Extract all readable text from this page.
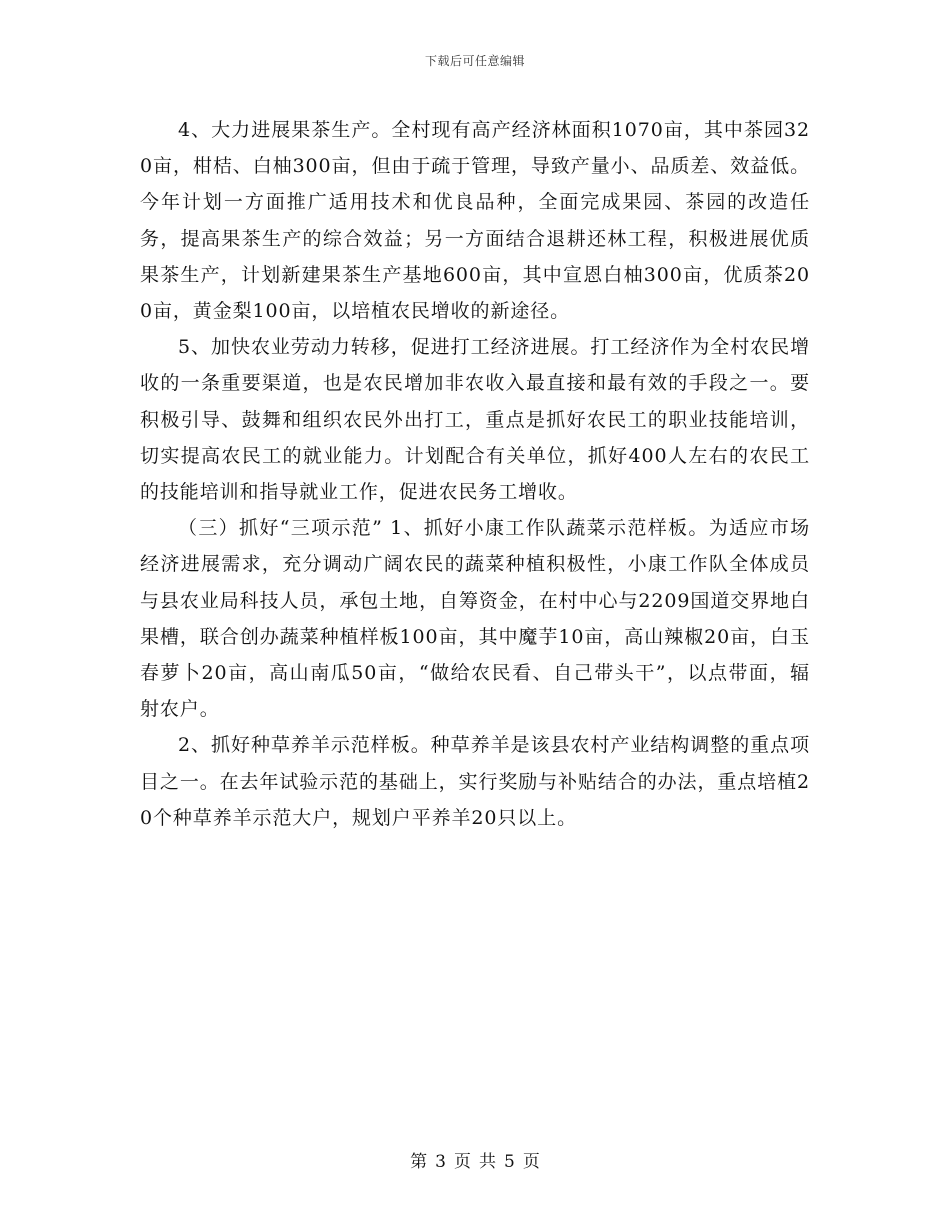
下载后可任意编辑

4、大力进展果茶生产。全村现有高产经济林面积1070亩，其中茶园320亩，柑桔、白柚300亩，但由于疏于管理，导致产量小、品质差、效益低。今年计划一方面推广适用技术和优良品种，全面完成果园、茶园的改造任务，提高果茶生产的综合效益；另一方面结合退耕还林工程，积极进展优质果茶生产，计划新建果茶生产基地600亩，其中宣恩白柚300亩，优质茶200亩，黄金梨100亩，以培植农民增收的新途径。

5、加快农业劳动力转移，促进打工经济进展。打工经济作为全村农民增收的一条重要渠道，也是农民增加非农收入最直接和最有效的手段之一。要积极引导、鼓舞和组织农民外出打工，重点是抓好农民工的职业技能培训，切实提高农民工的就业能力。计划配合有关单位，抓好400人左右的农民工的技能培训和指导就业工作，促进农民务工增收。

（三）抓好“三项示范” 1、抓好小康工作队蔬菜示范样板。为适应市场经济进展需求，充分调动广阔农民的蔬菜种植积极性，小康工作队全体成员与县农业局科技人员，承包土地，自筹资金，在村中心与2209国道交界地白果槽，联合创办蔬菜种植样板100亩，其中魔芋10亩，高山辣椒20亩，白玉春萝卜20亩，高山南瓜50亩，“做给农民看、自己带头干”，以点带面，辐射农户。

2、抓好种草养羊示范样板。种草养羊是该县农村产业结构调整的重点项目之一。在去年试验示范的基础上，实行奖励与补贴结合的办法，重点培植20个种草养羊示范大户，规划户平养羊20只以上。

第 3 页 共 5 页
